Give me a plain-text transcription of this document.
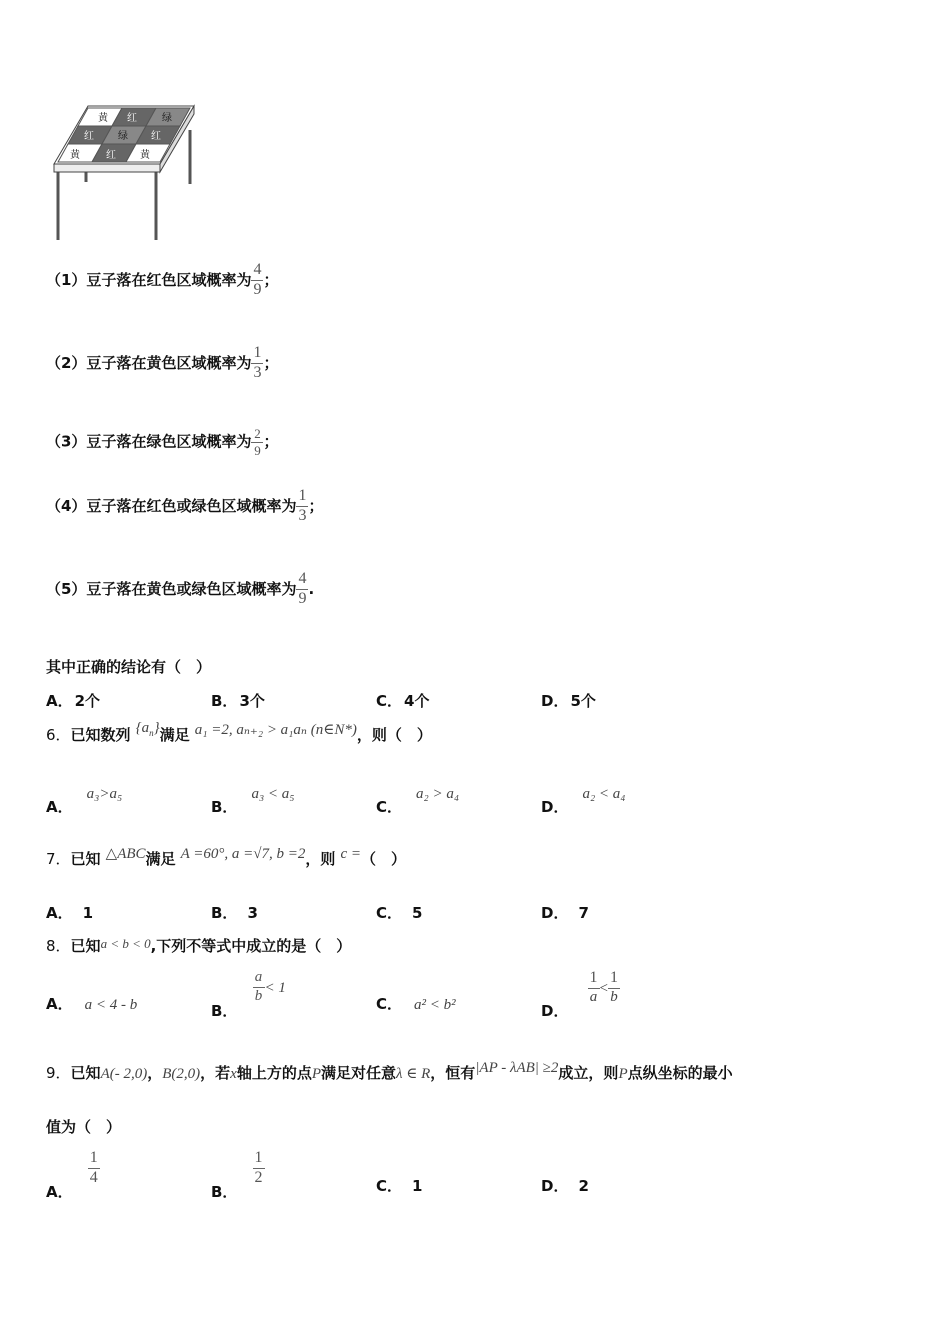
黄 红	绿
红 绿 红
黄	红 黄
（1）豆子落在红色区域概率为 $\frac{4}{9}$ ；
（2）豆子落在黄色区域概率为 $\frac{1}{3}$ ；
（3）豆子落在绿色区域概率为 $\frac{2}{9}$ ；
（4）豆子落在红色或绿色区域概率为 $\frac{1}{3}$ ；
（5）豆子落在黄色或绿色区域概率为 $\frac{4}{9}$ .
其中正确的结论有（　）
A． 2个	B． 3个	C． 4个	D． 5个
6．已知数列 $\{a_n\}$满足 a₁ =2, aₙ₊₂ > a₁aₙ (n∈N*)，则（　）
A．a₃>a₅
B．a₃ < a₅
C．a₂ > a₄
D．a₂ < a₄
7．已知 △ABC满足 A =60°, a =√7, b =2，则 c =（　）
A． 1	B． 3	C． 5	D． 7
8．已知a < b < 0,下列不等式中成立的是（　）
A． a < 4 - b	B．
$\frac{a}{b} < 1$
C． a² < b²	D．
$\frac{1}{a} < \frac{1}{b}$
9．已知A(- 2,0)，B(2,0)，若x轴上方的点P满足对任意λ ∈ R，恒有|AP - λAB| ≥2成立，则P点纵坐标的最小
值为（　）
A．
$\frac{1}{4}$
B．
$\frac{1}{2}$	C． 1	D． 2
